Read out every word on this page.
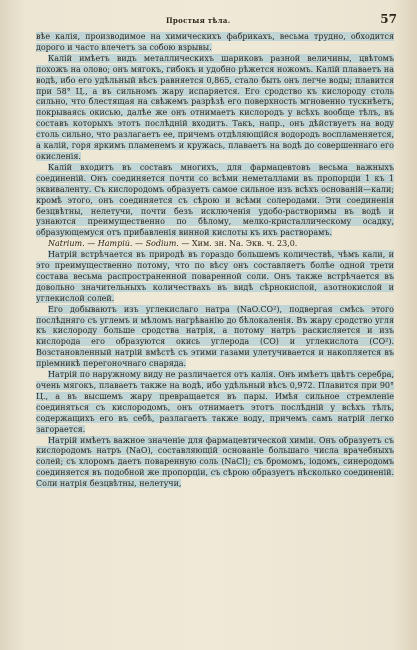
Простыя тѣла.	57

вѣе калія, производимое на химическихъ фабрикахъ, весьма трудно, обходится дорого и часто влечетъ за собою взрывы.

Калій имѣетъ видъ металлическихъ шариковъ разной величины, цвѣтомъ похожъ на олово; онъ мягокъ, гибокъ и удобно рѣжется ножомъ. Калій плаваетъ на водѣ, ибо его удѣльный вѣсъ равняется 0,865, стало быть онъ легче воды; плавится при 58° Ц., а въ сильномъ жару испаряется. Его сродство къ кислороду столь сильно, что блестящая на свѣжемъ разрѣзѣ его поверхность мгновенно тускнѣетъ, покрываясь окисью, далѣе же онъ отнимаетъ кислородъ у всѣхъ вообще тѣлъ, въ составъ которыхъ этотъ послѣдній входитъ. Такъ, напр., онъ дѣйствуетъ на воду столь сильно, что разлагаетъ ее, причемъ отдѣляющійся водородъ воспламеняется, а калій, горя яркимъ пламенемъ и кружась, плаваетъ на водѣ до совершеннаго его окисленія.

Калій входитъ въ составъ многихъ, для фармацевтовъ весьма важныхъ соединеній. Онъ соединяется почти со всѣми неметаллами въ пропорціи 1 къ 1 эквиваленту. Съ кислородомъ образуетъ самое сильное изъ всѣхъ основаній—кали; кромѣ этого, онъ соединяется съ сѣрою и всѣми солеродами. Эти соединенія безцвѣтны, нелетучи, почти безъ исключенія удобо-растворимы въ водѣ и узнаются преимущественно по бѣлому, мелко-кристаллическому осадку, образующемуся отъ прибавленія винной кислоты къ ихъ растворамъ.

Natrium. — Натрій. — Sodium. — Хим. зн. Na. Экв. ч. 23,0.

Натрій встрѣчается въ природѣ въ гораздо большемъ количествѣ, чѣмъ кали, и это преимущественно потому, что по вѣсу онъ составляетъ болѣе одной трети состава весьма распространенной поваренной соли. Онъ также встрѣчается въ довольно значительныхъ количествахъ въ видѣ сѣрнокислой, азотнокислой и углекислой солей.

Его добываютъ изъ углекислаго натра (NaO.CO²), подвергая смѣсь этого послѣдняго съ углемъ и мѣломъ нагрѣванію до бѣлокаленія. Въ жару сродство угля къ кислороду больше сродства натрія, а потому натръ раскисляется и изъ кислорода его образуются окись углерода (CO) и углекислота (CO²). Возстановленный натрій вмѣстѣ съ этими газами улетучивается и накопляется въ пріемникѣ перегоночнаго снаряда.

Натрій по наружному виду не различается отъ калія. Онъ имѣетъ цвѣтъ серебра, очень мягокъ, плаваетъ также на водѣ, ибо удѣльный вѣсъ 0,972. Плавится при 90° Ц., а въ высшемъ жару превращается въ пары. Имѣя сильное стремленіе соединяться съ кислородомъ, онъ отнимаетъ этотъ послѣдній у всѣхъ тѣлъ, содержащихъ его въ себѣ, разлагаетъ также воду, причемъ самъ натрій легко загорается.

Натрій имѣетъ важное значеніе для фармацевтической химіи. Онъ образуетъ съ кислородомъ натръ (NaO), составляющій основаніе большаго числа врачебныхъ солей; съ хлоромъ даетъ поваренную соль (NaCl); съ бромомъ, іодомъ, синеродомъ соединяется въ подобной же пропорціи, съ сѣрою образуетъ нѣсколько соединеній. Соли натрія безцвѣтны, нелетучи,
